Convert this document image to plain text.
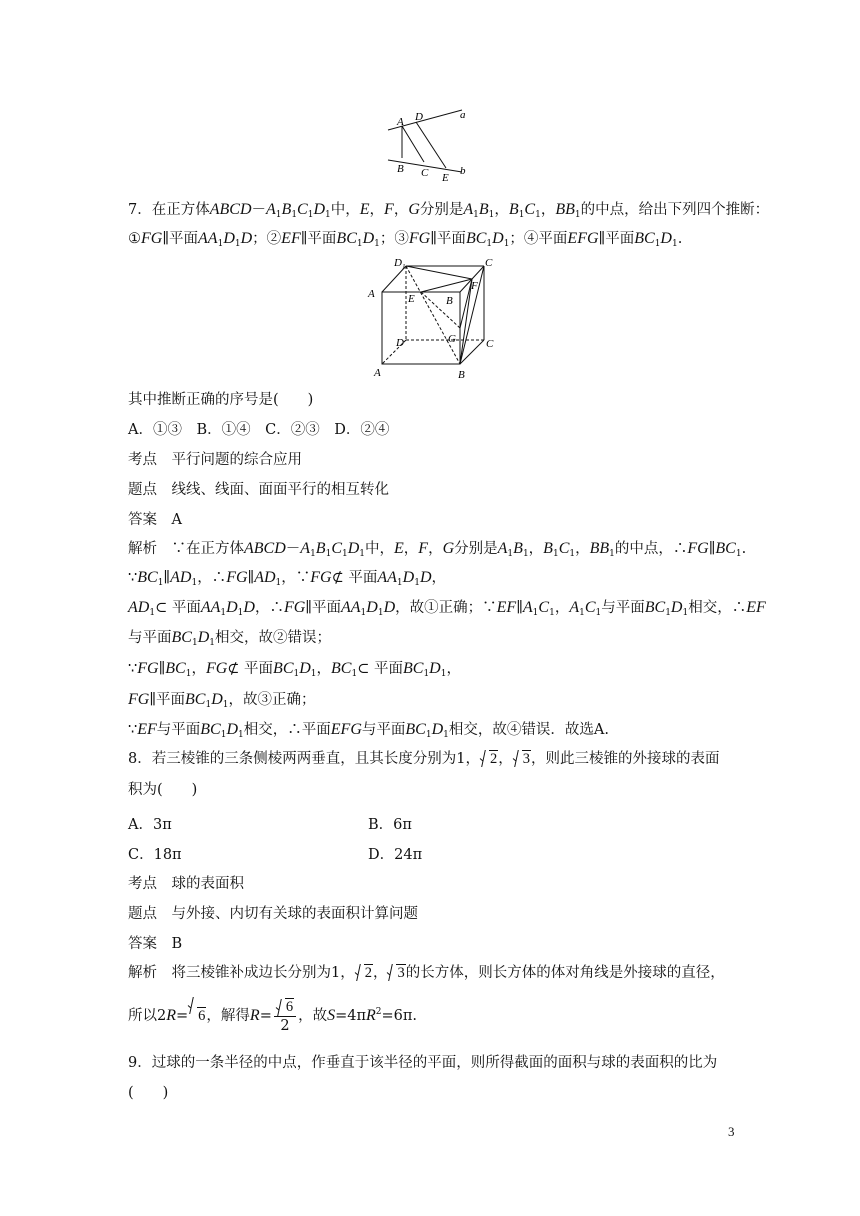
A D	a
B C E
b
7．在正方体$ABCD-A_1B_1C_1D_1$中，E，F，G分别是$A_1B_1$，$B_1C_1$，$BB_1$的中点，给出下列四个推断：
①FG∥平面$AA_1D_1D$；②EF∥平面$BC_1D_1$；③FG∥平面$BC_1D_1$；④平面EFG∥平面$BC_1D_1$.
D 1	C
A	E	B
F
D	G	C
A	B
其中推断正确的序号是(　　)
A．①③　B．①④　C．②③　D．②④
考点　平行问题的综合应用
题点　线线、线面、面面平行的相互转化
答案　A
解析　∵在正方体$ABCD-A_1B_1C_1D_1$中，E，F，G分别是$A_1B_1$，$B_1C_1$，$BB_1$的中点，$\therefore FG\parallel BC_1$.
$\because BC_1\parallel AD_1$，$\therefore FG\parallel AD_1$，∵FG⊄ 平面$AA_1D_1D$，
$AD_1\subset$ 平面$AA_1D_1D$，∴FG∥平面$AA_1D_1D$，故①正确；$\because EF\parallel A_1C_1$，$A_1C_1$与平面$BC_1D_1$相交，∴EF
与平面$BC_1D_1$相交，故②错误；
$\because FG\parallel BC_1$，FG⊄ 平面$BC_1D_1$，$BC_1\subset$ 平面$BC_1D_1$，
FG∥平面$BC_1D_1$，故③正确；
∵EF与平面$BC_1D_1$相交，∴平面EFG与平面$BC_1D_1$相交，故④错误．故选A.
8．若三棱锥的三条侧棱两两垂直，且其长度分别为1， 2， 3，则此三棱锥的外接球的表面
积为(　　)
A．3π	B．6π
C．18π	D．24π
考点　球的表面积
题点　与外接、内切有关球的表面积计算问题
答案　B
解析　将三棱锥补成边长分别为1， 2， 3的长方体，则长方体的体对角线是外接球的直径，
所以2R= 6，解得$R= \frac{6}{2}$ ，故$S=4\pi R^2=6\pi$.
9．过球的一条半径的中点，作垂直于该半径的平面，则所得截面的面积与球的表面积的比为
(　　)
3
